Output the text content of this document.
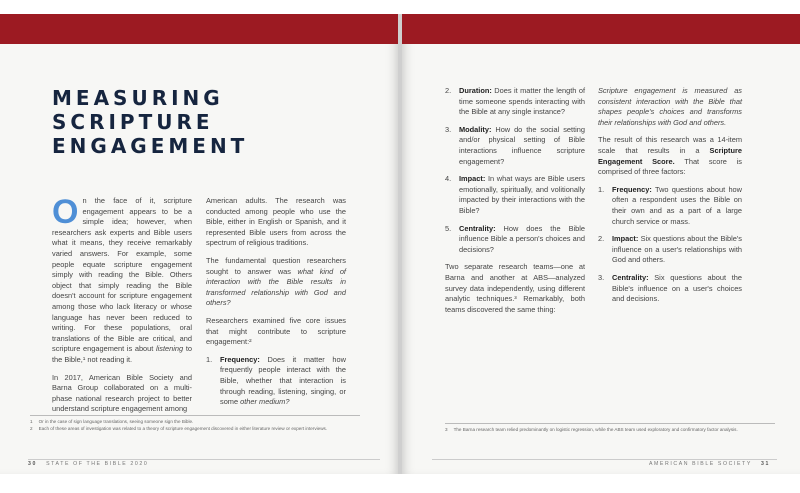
MEASURING
SCRIPTURE
ENGAGEMENT

On the face of it, scripture engagement appears to be a simple idea; however, when researchers ask experts and Bible users what it means, they receive remarkably varied answers. For example, some people equate scripture engagement simply with reading the Bible. Others object that simply reading the Bible doesn't account for scripture engagement among those who lack literacy or whose language has never been reduced to writing. For these populations, oral translations of the Bible are critical, and scripture engagement is about listening to the Bible,¹ not reading it.

In 2017, American Bible Society and Barna Group collaborated on a multi-phase national research project to better understand scripture engagement among

American adults. The research was conducted among people who use the Bible, either in English or Spanish, and it represented Bible users from across the spectrum of religious traditions.

The fundamental question researchers sought to answer was what kind of interaction with the Bible results in transformed relationship with God and others?

Researchers examined five core issues that might contribute to scripture engagement:²

1. Frequency: Does it matter how frequently people interact with the Bible, whether that interaction is through reading, listening, singing, or some other medium?
1 Or in the case of sign language translations, seeing someone sign the Bible.
2 Each of these areas of investigation was related to a theory of scripture engagement discovered in either literature review or expert interviews.
30 STATE OF THE BIBLE 2020
2. Duration: Does it matter the length of time someone spends interacting with the Bible at any single instance?
3. Modality: How do the social setting and/or physical setting of Bible interactions influence scripture engagement?
4. Impact: In what ways are Bible users emotionally, spiritually, and volitionally impacted by their interactions with the Bible?
5. Centrality: How does the Bible influence Bible a person's choices and decisions?

Two separate research teams—one at Barna and another at ABS—analyzed survey data independently, using different analytic techniques.³ Remarkably, both teams discovered the same thing:

Scripture engagement is measured as consistent interaction with the Bible that shapes people's choices and transforms their relationships with God and others.

The result of this research was a 14-item scale that results in a Scripture Engagement Score. That score is comprised of three factors:

1. Frequency: Two questions about how often a respondent uses the Bible on their own and as a part of a large church service or mass.
2. Impact: Six questions about the Bible's influence on a user's relationships with God and others.
3. Centrality: Six questions about the Bible's influence on a user's choices and decisions.
3 The Barna research team relied predominantly on logistic regression, while the ABS team used exploratory and confirmatory factor analysis.
AMERICAN BIBLE SOCIETY 31
